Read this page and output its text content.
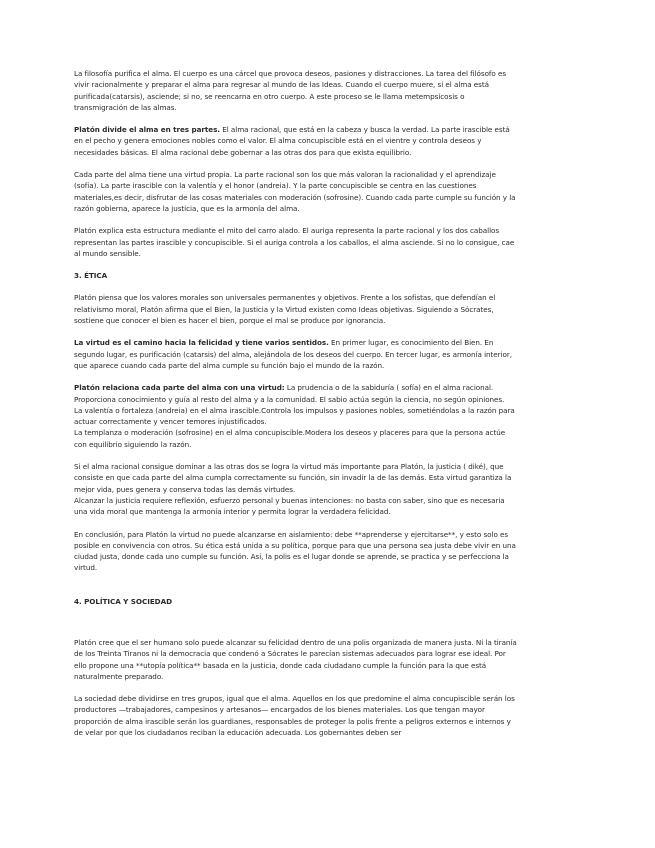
La filosofía purifica el alma. El cuerpo es una cárcel que provoca deseos, pasiones y distracciones. La tarea del filósofo es vivir racionalmente y preparar el alma para regresar al mundo de las Ideas. Cuando el cuerpo muere, si el alma está purificada(catarsis), asciende; si no, se reencarna en otro cuerpo. A este proceso se le llama metempsicosis o transmigración de las almas.

Platón divide el alma en tres partes. El alma racional, que está en la cabeza y busca la verdad. La parte irascible está en el pecho y genera emociones nobles como el valor. El alma concupiscible está en el vientre y controla deseos y necesidades básicas. El alma racional debe gobernar a las otras dos para que exista equilibrio.

Cada parte del alma tiene una virtud propia. La parte racional son los que más valoran la racionalidad y el aprendizaje (sofía). La parte irascible con la valentía y el honor (andreia). Y la parte concupiscible se centra en las cuestiones materiales,es decir, disfrutar de las cosas materiales con moderación (sofrosine). Cuando cada parte cumple su función y la razón gobierna, aparece la justicia, que es la armonía del alma.

Platón explica esta estructura mediante el mito del carro alado. El auriga representa la parte racional y los dos caballos representan las partes irascible y concupiscible. Si el auriga controla a los caballos, el alma asciende. Si no lo consigue, cae al mundo sensible.

3. ÉTICA

Platón piensa que los valores morales son universales permanentes y objetivos. Frente a los sofistas, que defendían el relativismo moral, Platón afirma que el Bien, la Justicia y la Virtud existen como Ideas objetivas. Siguiendo a Sócrates, sostiene que conocer el bien es hacer el bien, porque el mal se produce por ignorancia.

La virtud es el camino hacia la felicidad y tiene varios sentidos. En primer lugar, es conocimiento del Bien. En segundo lugar, es purificación (catarsis) del alma, alejándola de los deseos del cuerpo. En tercer lugar, es armonía interior, que aparece cuando cada parte del alma cumple su función bajo el mundo de la razón.

Platón relaciona cada parte del alma con una virtud: La prudencia o de la sabiduría ( sofía) en el alma racional. Proporciona conocimiento y guía al resto del alma y a la comunidad. El sabio actúa según la ciencia, no según opiniones.

La valentía o fortaleza (andreia) en el alma irascible.Controla los impulsos y pasiones nobles, sometiéndolas a la razón para actuar correctamente y vencer temores injustificados.

La templanza o moderación (sofrosine) en el alma concupiscible.Modera los deseos y placeres para que la persona actúe con equilibrio siguiendo la razón.

Si el alma racional consigue dominar a las otras dos se logra la virtud más importante para Platón, la justicia ( diké), que consiste en que cada parte del alma cumpla correctamente su función, sin invadir la de las demás. Esta virtud garantiza la mejor vida, pues genera y conserva todas las demás virtudes.

Alcanzar la justicia requiere reflexión, esfuerzo personal y buenas intenciones: no basta con saber, sino que es necesaria una vida moral que mantenga la armonía interior y permita lograr la verdadera felicidad.

En conclusión, para Platón la virtud no puede alcanzarse en aislamiento: debe **aprenderse y ejercitarse**, y esto solo es posible en convivencia con otros. Su ética está unida a su política, porque para que una persona sea justa debe vivir en una ciudad justa, donde cada uno cumple su función. Así, la polis es el lugar donde se aprende, se practica y se perfecciona la virtud.

4. POLÍTICA Y SOCIEDAD

Platón cree que el ser humano solo puede alcanzar su felicidad dentro de una polis organizada de manera justa. Ni la tiranía de los Treinta Tiranos ni la democracia que condenó a Sócrates le parecían sistemas adecuados para lograr ese ideal. Por ello propone una **utopía política** basada en la justicia, donde cada ciudadano cumple la función para la que está naturalmente preparado.

La sociedad debe dividirse en tres grupos, igual que el alma. Aquellos en los que predomine el alma concupiscible serán los productores —trabajadores, campesinos y artesanos— encargados de los bienes materiales. Los que tengan mayor proporción de alma irascible serán los guardianes, responsables de proteger la polis frente a peligros externos e internos y de velar por que los ciudadanos reciban la educación adecuada. Los gobernantes deben ser
